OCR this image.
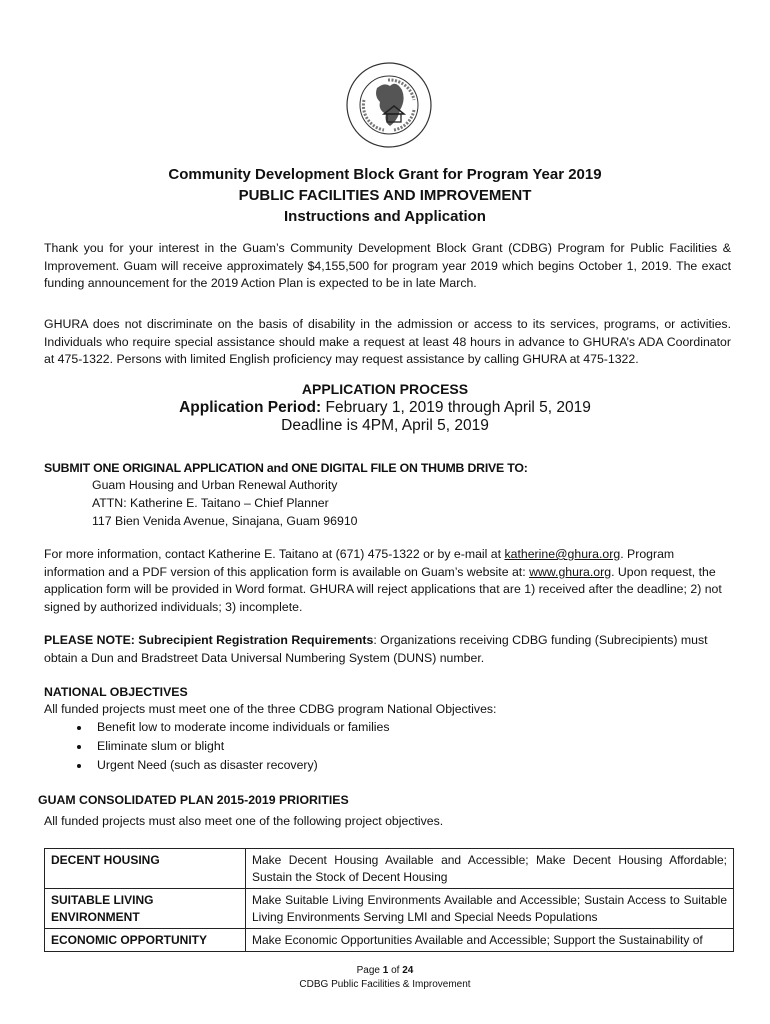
Community Development Block Grant for Program Year 2019
PUBLIC FACILITIES AND IMPROVEMENT
Instructions and Application
Thank you for your interest in the Guam’s Community Development Block Grant (CDBG) Program for Public Facilities & Improvement. Guam will receive approximately $4,155,500 for program year 2019 which begins October 1, 2019. The exact funding announcement for the 2019 Action Plan is expected to be in late March.
GHURA does not discriminate on the basis of disability in the admission or access to its services, programs, or activities. Individuals who require special assistance should make a request at least 48 hours in advance to GHURA’s ADA Coordinator at 475-1322. Persons with limited English proficiency may request assistance by calling GHURA at 475-1322.
APPLICATION PROCESS
Application Period: February 1, 2019 through April 5, 2019
Deadline is 4PM, April 5, 2019
SUBMIT ONE ORIGINAL APPLICATION and ONE DIGITAL FILE ON THUMB DRIVE TO:
Guam Housing and Urban Renewal Authority
ATTN: Katherine E. Taitano – Chief Planner
117 Bien Venida Avenue, Sinajana, Guam 96910
For more information, contact Katherine E. Taitano at (671) 475-1322 or by e-mail at katherine@ghura.org. Program information and a PDF version of this application form is available on Guam’s website at: www.ghura.org. Upon request, the application form will be provided in Word format. GHURA will reject applications that are 1) received after the deadline; 2) not signed by authorized individuals; 3) incomplete.
PLEASE NOTE: Subrecipient Registration Requirements: Organizations receiving CDBG funding (Subrecipients) must obtain a Dun and Bradstreet Data Universal Numbering System (DUNS) number.
NATIONAL OBJECTIVES
All funded projects must meet one of the three CDBG program National Objectives:
• Benefit low to moderate income individuals or families
• Eliminate slum or blight
• Urgent Need (such as disaster recovery)
GUAM CONSOLIDATED PLAN 2015-2019 PRIORITIES
All funded projects must also meet one of the following project objectives.
DECENT HOUSING	Make Decent Housing Available and Accessible; Make Decent Housing Affordable; Sustain the Stock of Decent Housing
SUITABLE LIVING ENVIRONMENT	Make Suitable Living Environments Available and Accessible; Sustain Access to Suitable Living Environments Serving LMI and Special Needs Populations
ECONOMIC OPPORTUNITY	Make Economic Opportunities Available and Accessible; Support the Sustainability of
Page 1 of 24
CDBG Public Facilities & Improvement
